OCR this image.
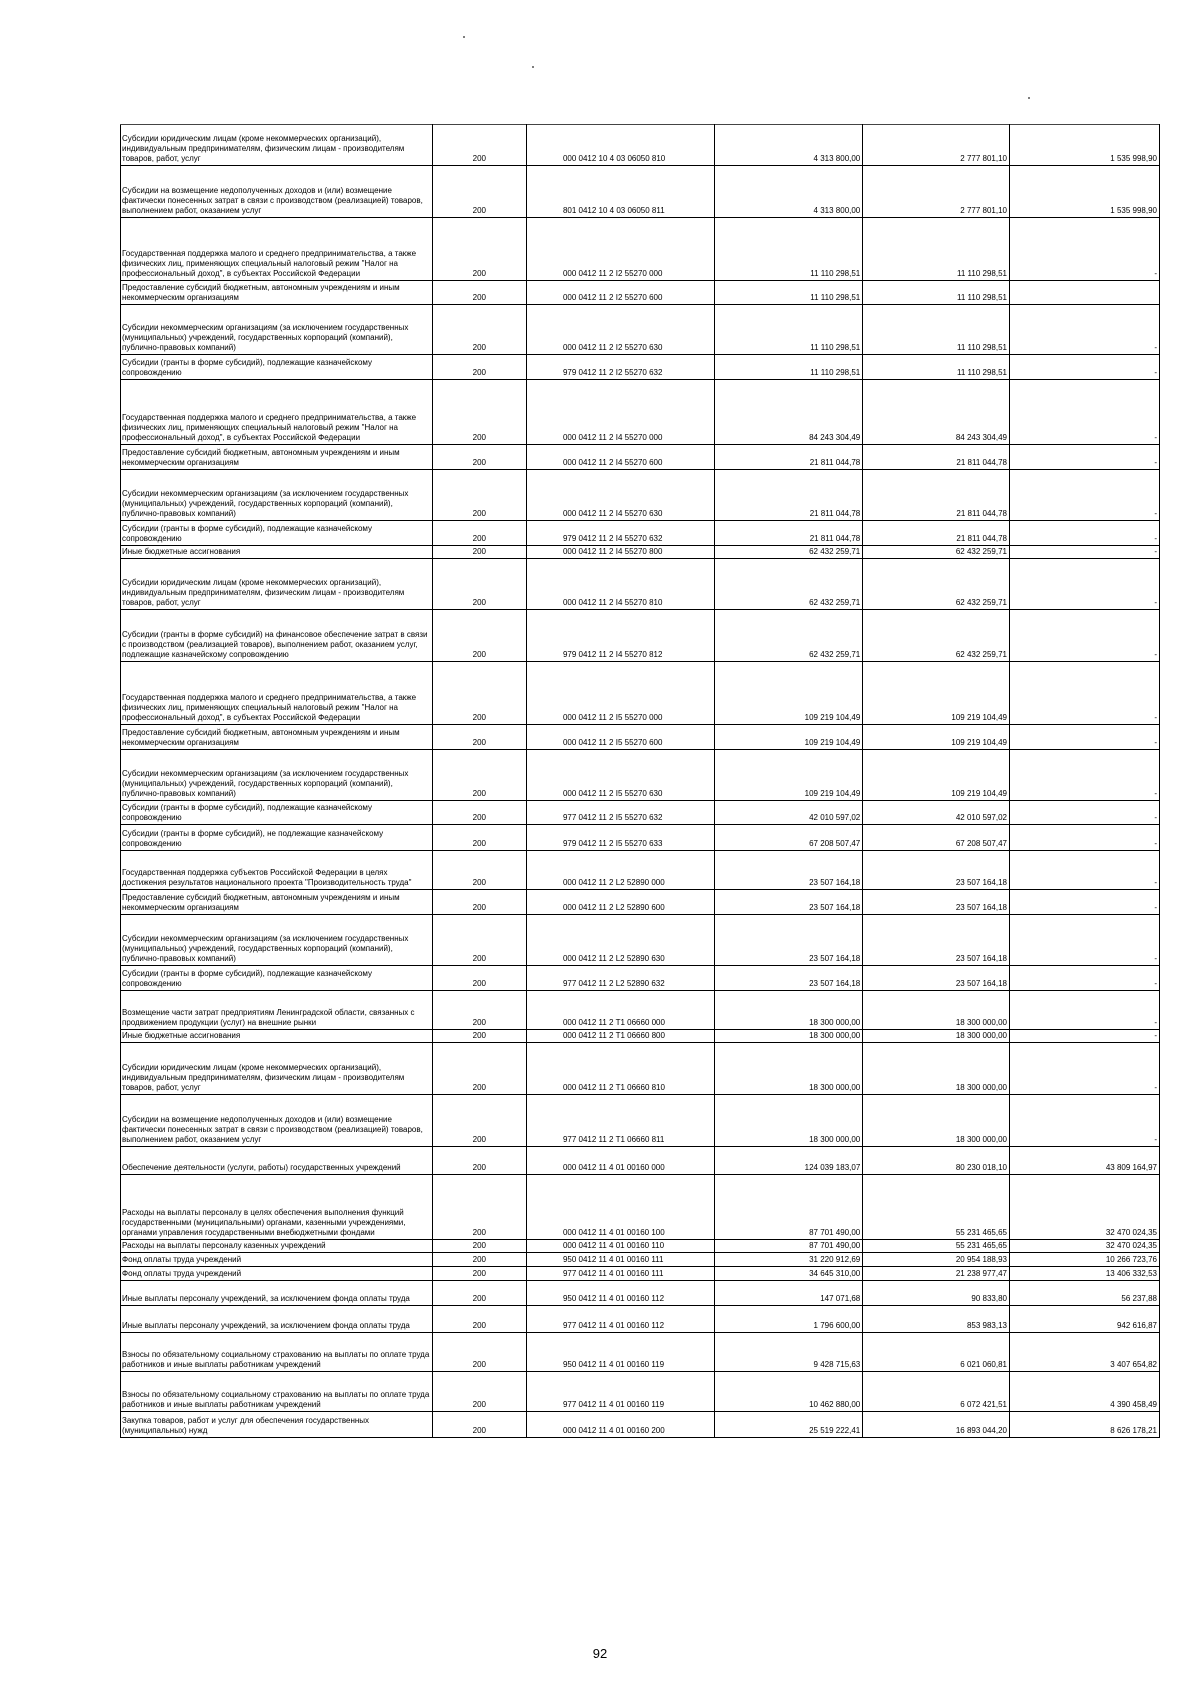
Субсидии юридическим лицам (кроме некоммерческих организаций), индивидуальным предпринимателям, физическим лицам - производителям товаров, работ, услуг	200	000 0412 10 4 03 06050 810	4 313 800,00	2 777 801,10	1 535 998,90
Субсидии на возмещение недополученных доходов и (или) возмещение фактически понесенных затрат в связи с производством (реализацией) товаров, выполнением работ, оказанием услуг	200	801 0412 10 4 03 06050 811	4 313 800,00	2 777 801,10	1 535 998,90
Государственная поддержка малого и среднего предпринимательства, а также физических лиц, применяющих специальный налоговый режим "Налог на профессиональный доход", в субъектах Российской Федерации	200	000 0412 11 2 I2 55270 000	11 110 298,51	11 110 298,51	-
Предоставление субсидий бюджетным, автономным учреждениям и иным некоммерческим организациям	200	000 0412 11 2 I2 55270 600	11 110 298,51	11 110 298,51	
Субсидии некоммерческим организациям (за исключением государственных (муниципальных) учреждений, государственных корпораций (компаний), публично-правовых компаний)	200	000 0412 11 2 I2 55270 630	11 110 298,51	11 110 298,51	-
Субсидии (гранты в форме субсидий), подлежащие казначейскому сопровождению	200	979 0412 11 2 I2 55270 632	11 110 298,51	11 110 298,51	-
Государственная поддержка малого и среднего предпринимательства, а также физических лиц, применяющих специальный налоговый режим "Налог на профессиональный доход", в субъектах Российской Федерации	200	000 0412 11 2 I4 55270 000	84 243 304,49	84 243 304,49	-
Предоставление субсидий бюджетным, автономным учреждениям и иным некоммерческим организациям	200	000 0412 11 2 I4 55270 600	21 811 044,78	21 811 044,78	-
Субсидии некоммерческим организациям (за исключением государственных (муниципальных) учреждений, государственных корпораций (компаний), публично-правовых компаний)	200	000 0412 11 2 I4 55270 630	21 811 044,78	21 811 044,78	-
Субсидии (гранты в форме субсидий), подлежащие казначейскому сопровождению	200	979 0412 11 2 I4 55270 632	21 811 044,78	21 811 044,78	-
Иные бюджетные ассигнования	200	000 0412 11 2 I4 55270 800	62 432 259,71	62 432 259,71	-
Субсидии юридическим лицам (кроме некоммерческих организаций), индивидуальным предпринимателям, физическим лицам - производителям товаров, работ, услуг	200	000 0412 11 2 I4 55270 810	62 432 259,71	62 432 259,71	-
Субсидии (гранты в форме субсидий) на финансовое обеспечение затрат в связи с производством (реализацией товаров), выполнением работ, оказанием услуг, подлежащие казначейскому сопровождению	200	979 0412 11 2 I4 55270 812	62 432 259,71	62 432 259,71	-
Государственная поддержка малого и среднего предпринимательства, а также физических лиц, применяющих специальный налоговый режим "Налог на профессиональный доход", в субъектах Российской Федерации	200	000 0412 11 2 I5 55270 000	109 219 104,49	109 219 104,49	-
Предоставление субсидий бюджетным, автономным учреждениям и иным некоммерческим организациям	200	000 0412 11 2 I5 55270 600	109 219 104,49	109 219 104,49	-
Субсидии некоммерческим организациям (за исключением государственных (муниципальных) учреждений, государственных корпораций (компаний), публично-правовых компаний)	200	000 0412 11 2 I5 55270 630	109 219 104,49	109 219 104,49	-
Субсидии (гранты в форме субсидий), подлежащие казначейскому сопровождению	200	977 0412 11 2 I5 55270 632	42 010 597,02	42 010 597,02	-
Субсидии (гранты в форме субсидий), не подлежащие казначейскому сопровождению	200	979 0412 11 2 I5 55270 633	67 208 507,47	67 208 507,47	-
Государственная поддержка субъектов Российской Федерации в целях достижения результатов национального проекта "Производительность труда"	200	000 0412 11 2 L2 52890 000	23 507 164,18	23 507 164,18	-
Предоставление субсидий бюджетным, автономным учреждениям и иным некоммерческим организациям	200	000 0412 11 2 L2 52890 600	23 507 164,18	23 507 164,18	-
Субсидии некоммерческим организациям (за исключением государственных (муниципальных) учреждений, государственных корпораций (компаний), публично-правовых компаний)	200	000 0412 11 2 L2 52890 630	23 507 164,18	23 507 164,18	-
Субсидии (гранты в форме субсидий), подлежащие казначейскому сопровождению	200	977 0412 11 2 L2 52890 632	23 507 164,18	23 507 164,18	-
Возмещение части затрат предприятиям Ленинградской области, связанных с продвижением продукции (услуг) на внешние рынки	200	000 0412 11 2 T1 06660 000	18 300 000,00	18 300 000,00	-
Иные бюджетные ассигнования	200	000 0412 11 2 T1 06660 800	18 300 000,00	18 300 000,00	-
Субсидии юридическим лицам (кроме некоммерческих организаций), индивидуальным предпринимателям, физическим лицам - производителям товаров, работ, услуг	200	000 0412 11 2 T1 06660 810	18 300 000,00	18 300 000,00	-
Субсидии на возмещение недополученных доходов и (или) возмещение фактически понесенных затрат в связи с производством (реализацией) товаров, выполнением работ, оказанием услуг	200	977 0412 11 2 T1 06660 811	18 300 000,00	18 300 000,00	-
Обеспечение деятельности (услуги, работы) государственных учреждений	200	000 0412 11 4 01 00160 000	124 039 183,07	80 230 018,10	43 809 164,97
Расходы на выплаты персоналу в целях обеспечения выполнения функций государственными (муниципальными) органами, казенными учреждениями, органами управления государственными внебюджетными фондами	200	000 0412 11 4 01 00160 100	87 701 490,00	55 231 465,65	32 470 024,35
Расходы на выплаты персоналу казенных учреждений	200	000 0412 11 4 01 00160 110	87 701 490,00	55 231 465,65	32 470 024,35
Фонд оплаты труда учреждений	200	950 0412 11 4 01 00160 111	31 220 912,69	20 954 188,93	10 266 723,76
Фонд оплаты труда учреждений	200	977 0412 11 4 01 00160 111	34 645 310,00	21 238 977,47	13 406 332,53
Иные выплаты персоналу учреждений, за исключением фонда оплаты труда	200	950 0412 11 4 01 00160 112	147 071,68	90 833,80	56 237,88
Иные выплаты персоналу учреждений, за исключением фонда оплаты труда	200	977 0412 11 4 01 00160 112	1 796 600,00	853 983,13	942 616,87
Взносы по обязательному социальному страхованию на выплаты по оплате труда работников и иные выплаты работникам учреждений	200	950 0412 11 4 01 00160 119	9 428 715,63	6 021 060,81	3 407 654,82
Взносы по обязательному социальному страхованию на выплаты по оплате труда работников и иные выплаты работникам учреждений	200	977 0412 11 4 01 00160 119	10 462 880,00	6 072 421,51	4 390 458,49
Закупка товаров, работ и услуг для обеспечения государственных (муниципальных) нужд	200	000 0412 11 4 01 00160 200	25 519 222,41	16 893 044,20	8 626 178,21
92
